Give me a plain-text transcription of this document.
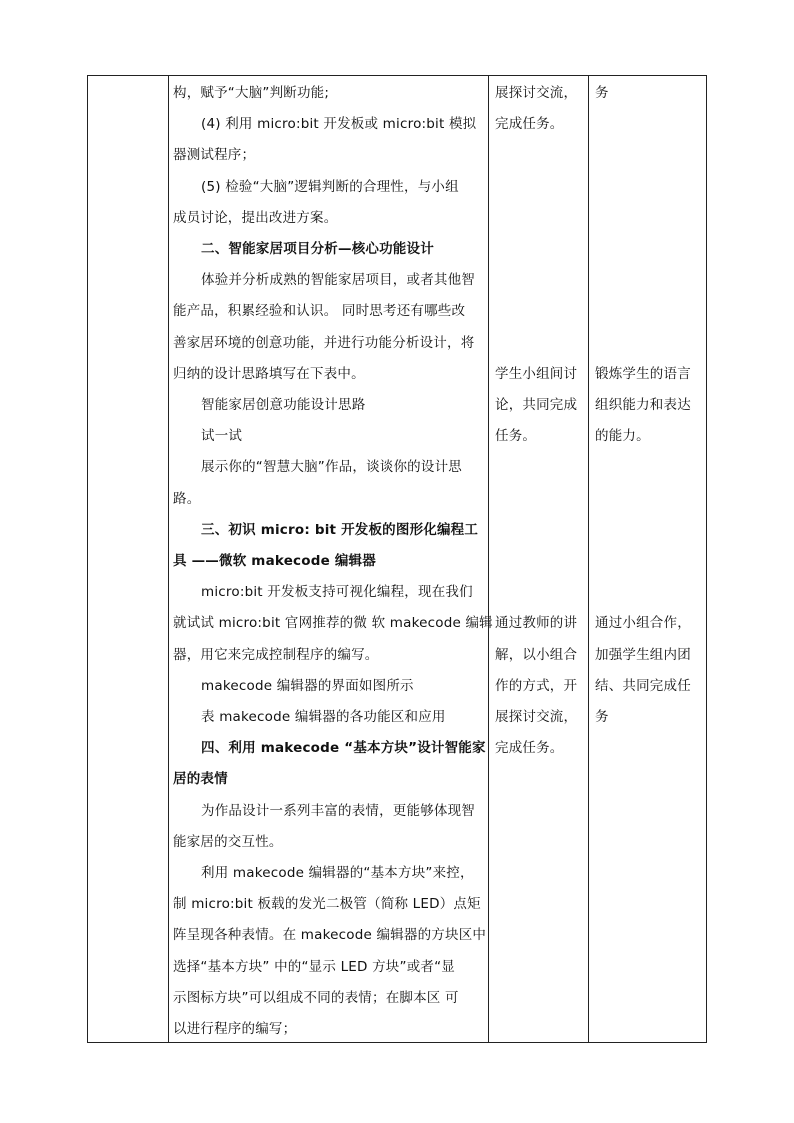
构，赋予“大脑”判断功能;
(4) 利用 micro:bit 开发板或 micro:bit 模拟
器测试程序；
(5) 检验“大脑”逻辑判断的合理性，与小组
成员讨论，提出改进方案。
二、智能家居项目分析—核心功能设计
体验并分析成熟的智能家居项目，或者其他智
能产品，积累经验和认识。 同时思考还有哪些改
善家居环境的创意功能，并进行功能分析设计，将
归纳的设计思路填写在下表中。
智能家居创意功能设计思路
试一试
展示你的“智慧大脑”作品，谈谈你的设计思
路。
三、初识 micro: bit 开发板的图形化编程工
具 ——微软 makecode 编辑器
micro:bit 开发板支持可视化编程，现在我们
就试试 micro:bit 官网推荐的微 软 makecode 编辑
器，用它来完成控制程序的编写。
makecode 编辑器的界面如图所示
表 makecode 编辑器的各功能区和应用
四、利用 makecode “基本方块”设计智能家
居的表情
为作品设计一系列丰富的表情，更能够体现智
能家居的交互性。
利用 makecode 编辑器的“基本方块”来控，
制 micro:bit 板载的发光二极管（简称 LED）点矩
阵呈现各种表情。在 makecode 编辑器的方块区中
选择“基本方块” 中的“显示 LED 方块”或者“显
示图标方块”可以组成不同的表情；在脚本区 可
以进行程序的编写；
展探讨交流，
完成任务。
学生小组间讨
论，共同完成
任务。
通过教师的讲
解，以小组合
作的方式，开
展探讨交流，
完成任务。
务
锻炼学生的语言
组织能力和表达
的能力。
通过小组合作，
加强学生组内团
结、共同完成任
务
